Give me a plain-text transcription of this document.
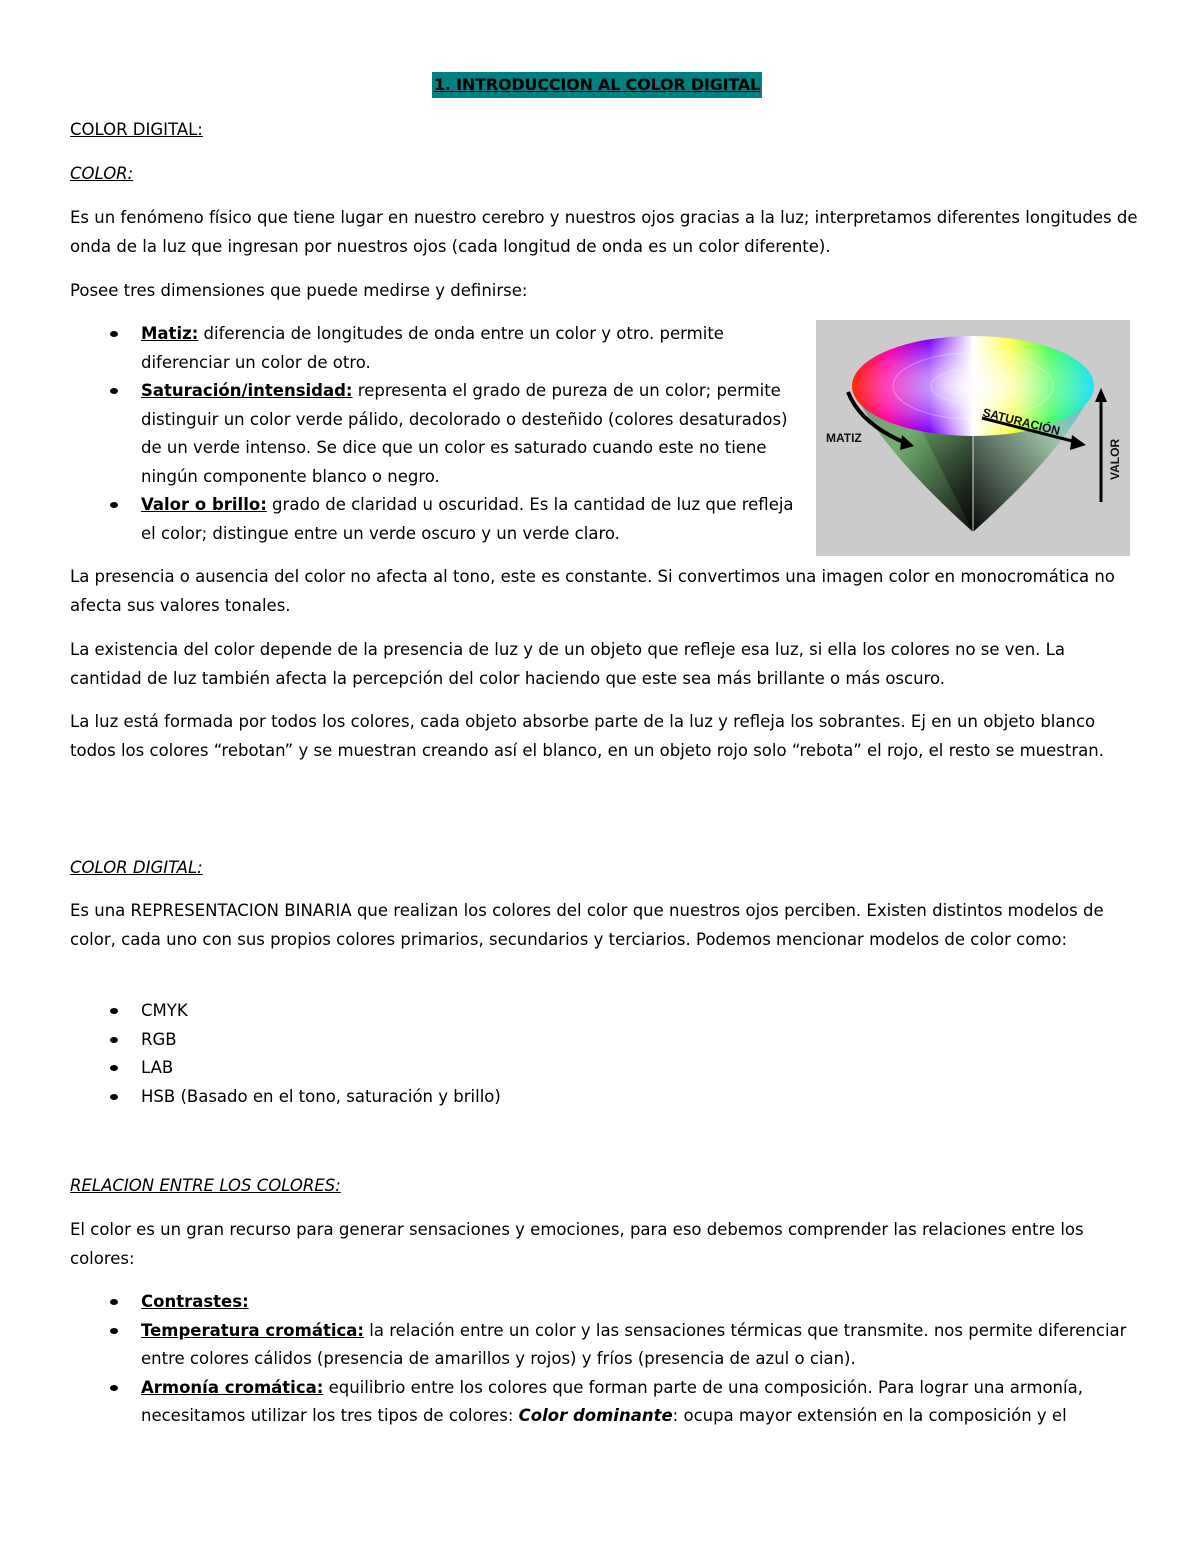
1. INTRODUCCION AL COLOR DIGITAL
COLOR DIGITAL:
COLOR:

Es un fenómeno físico que tiene lugar en nuestro cerebro y nuestros ojos gracias a la luz; interpretamos diferentes longitudes de onda de la luz que ingresan por nuestros ojos (cada longitud de onda es un color diferente).

Posee tres dimensiones que puede medirse y definirse:

Matiz: diferencia de longitudes de onda entre un color y otro. permite diferenciar un color de otro.
Saturación/intensidad: representa el grado de pureza de un color; permite distinguir un color verde pálido, decolorado o desteñido (colores desaturados) de un verde intenso. Se dice que un color es saturado cuando este no tiene ningún componente blanco o negro.
Valor o brillo: grado de claridad u oscuridad. Es la cantidad de luz que refleja el color; distingue entre un verde oscuro y un verde claro.
MATIZ	SATURACIÓN
VALOR

La presencia o ausencia del color no afecta al tono, este es constante. Si convertimos una imagen color en monocromática no afecta sus valores tonales.

La existencia del color depende de la presencia de luz y de un objeto que refleje esa luz, si ella los colores no se ven. La cantidad de luz también afecta la percepción del color haciendo que este sea más brillante o más oscuro.

La luz está formada por todos los colores, cada objeto absorbe parte de la luz y refleja los sobrantes. Ej en un objeto blanco todos los colores “rebotan” y se muestran creando así el blanco, en un objeto rojo solo “rebota” el rojo, el resto se muestran.

COLOR DIGITAL:

Es una REPRESENTACION BINARIA que realizan los colores del color que nuestros ojos perciben. Existen distintos modelos de color, cada uno con sus propios colores primarios, secundarios y terciarios. Podemos mencionar modelos de color como:

CMYK
RGB
LAB
HSB (Basado en el tono, saturación y brillo)
RELACION ENTRE LOS COLORES:

El color es un gran recurso para generar sensaciones y emociones, para eso debemos comprender las relaciones entre los colores:

Contrastes:
Temperatura cromática: la relación entre un color y las sensaciones térmicas que transmite. nos permite diferenciar entre colores cálidos (presencia de amarillos y rojos) y fríos (presencia de azul o cian).
Armonía cromática: equilibrio entre los colores que forman parte de una composición. Para lograr una armonía, necesitamos utilizar los tres tipos de colores: Color dominante: ocupa mayor extensión en la composición y el
